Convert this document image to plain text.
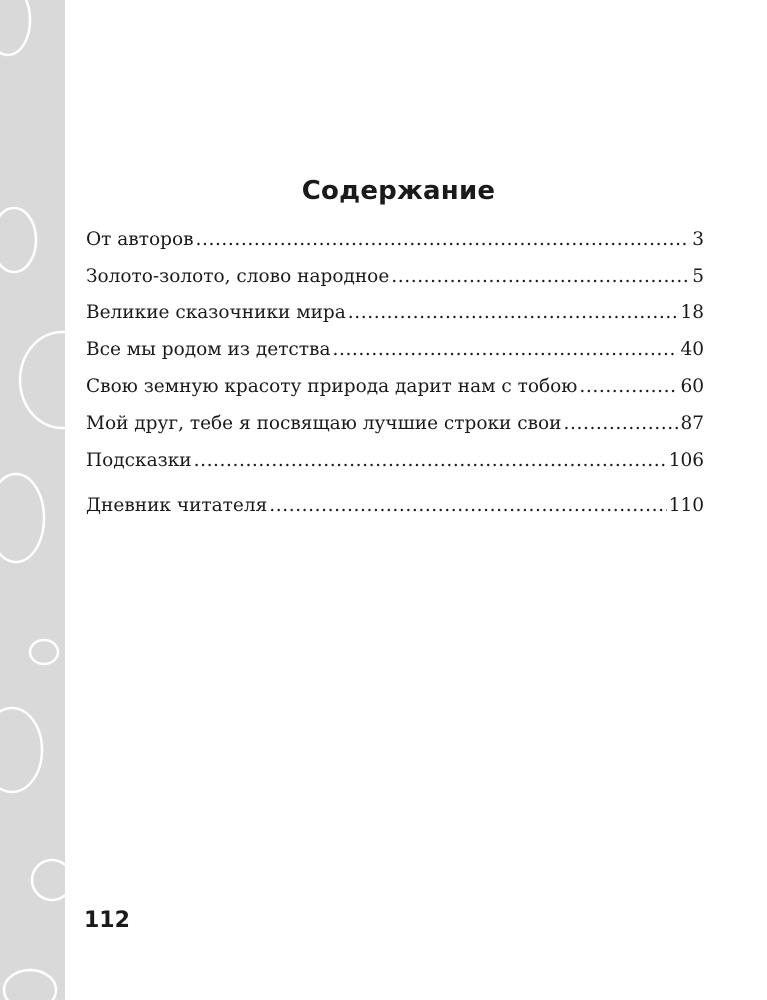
Содержание
От авторов .....	3
Золото-золото, слово народное .....	5
Великие сказочники мира .....	18
Все мы родом из детства .....	40
Свою земную красоту природа дарит нам с тобою .....	60
Мой друг, тебе я посвящаю лучшие строки свои .....	87
Подсказки .....	106
Дневник читателя .....	110
112
